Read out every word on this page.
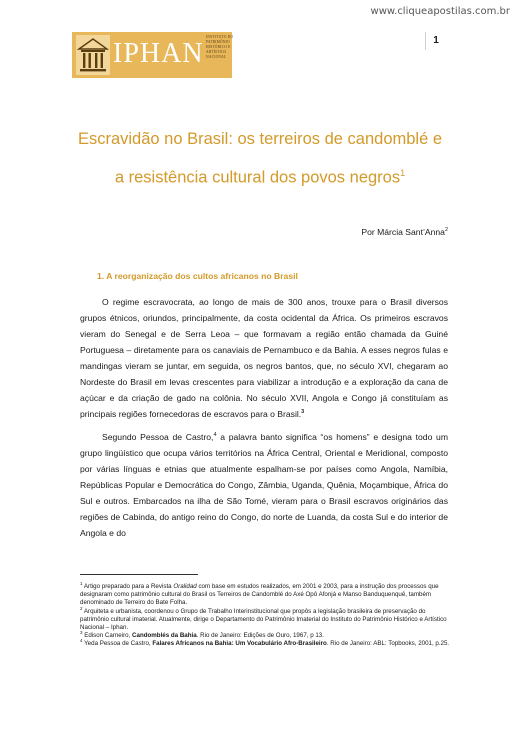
www.cliqueapostilas.com.br
IPHAN
INSTITUTO DO
PATRIMÔNIO
HISTÓRICO E
ARTÍSTICO
NACIONAL
1
Escravidão no Brasil: os terreiros de candomblé e
a resistência cultural dos povos negros$^1$
Por Márcia Sant’Anna$^2$
1. A reorganização dos cultos africanos no Brasil

O regime escravocrata, ao longo de mais de 300 anos, trouxe para o Brasil diversos grupos étnicos, oriundos, principalmente, da costa ocidental da África. Os primeiros escravos vieram do Senegal e de Serra Leoa – que formavam a região então chamada da Guiné Portuguesa – diretamente para os canaviais de Pernambuco e da Bahia. A esses negros fulas e mandingas vieram se juntar, em seguida, os negros bantos, que, no século XVI, chegaram ao Nordeste do Brasil em levas crescentes para viabilizar a introdução e a exploração da cana de açúcar e da criação de gado na colônia. No século XVII, Angola e Congo já constituíam as principais regiões fornecedoras de escravos para o Brasil.$^3$

Segundo Pessoa de Castro,$^4$ a palavra banto significa “os homens” e designa todo um grupo lingüístico que ocupa vários territórios na África Central, Oriental e Meridional, composto por várias línguas e etnias que atualmente espalham-se por países como Angola, Namíbia, Repúblicas Popular e Democrática do Congo, Zâmbia, Uganda, Quênia, Moçambique, África do Sul e outros. Embarcados na ilha de São Tomé, vieram para o Brasil escravos originários das regiões de Cabinda, do antigo reino do Congo, do norte de Luanda, da costa Sul e do interior de Angola e do

$^1$ Artigo preparado para a Revista Oralidad com base em estudos realizados, em 2001 e 2003, para a instrução dos processos que designaram como patrimônio cultural do Brasil os Terreiros de Candomblé do Axé Opô Afonjá e Manso Banduquenquê, também denominado de Terreiro do Bate Folha.

$^2$ Arquiteta e urbanista, coordenou o Grupo de Trabalho Interinstitucional que propôs a legislação brasileira de preservação do patrimônio cultural imaterial. Atualmente, dirige o Departamento do Patrimônio Imaterial do Instituto do Patrimônio Histórico e Artístico Nacional – Iphan.

$^3$ Edison Carneiro, Candomblés da Bahia. Rio de Janeiro: Edições de Ouro, 1967, p 13.

$^4$ Yeda Pessoa de Castro, Falares Africanos na Bahia: Um Vocabulário Afro-Brasileiro. Rio de Janeiro: ABL: Topbooks, 2001, p.25.
